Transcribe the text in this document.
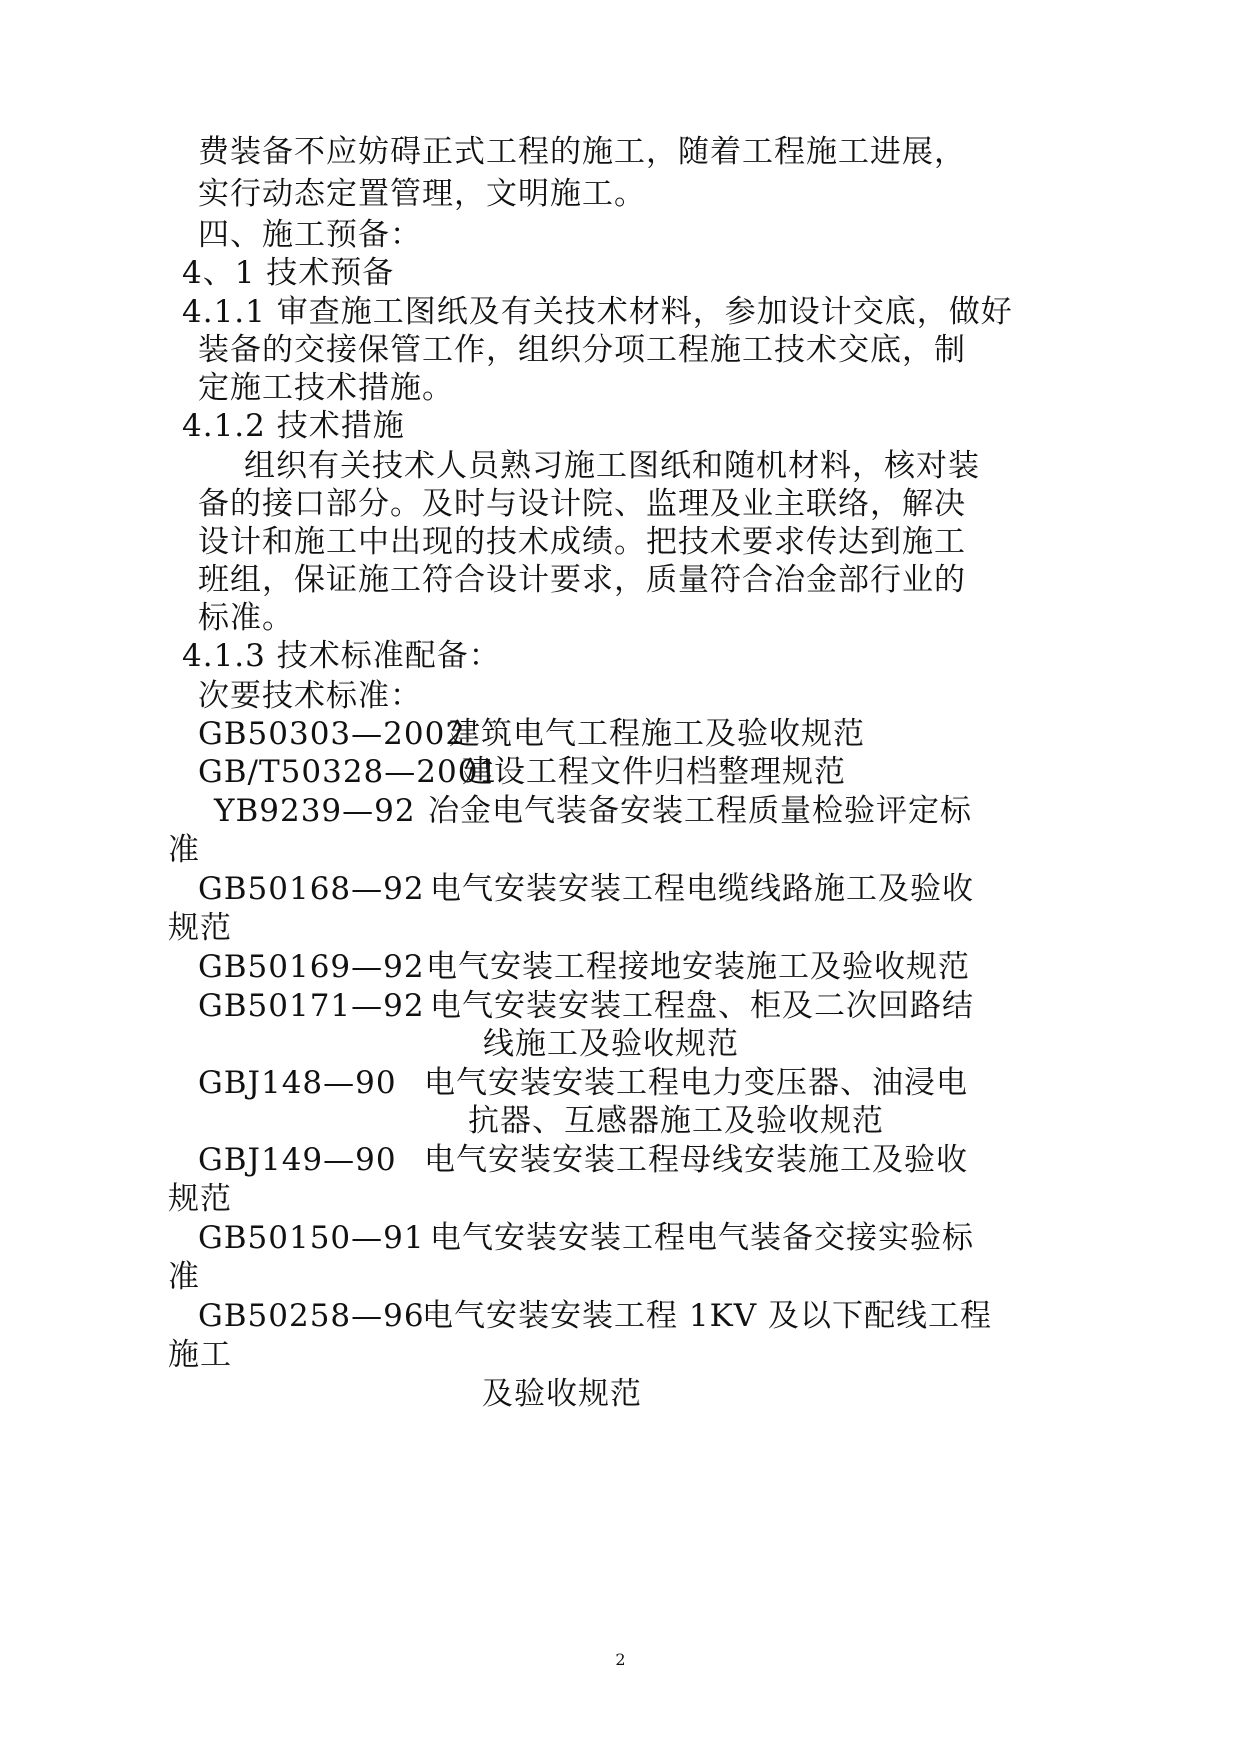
费装备不应妨碍正式工程的施工，随着工程施工进展，
实行动态定置管理，文明施工。
四、施工预备：
4、1 技术预备
4.1.1 审查施工图纸及有关技术材料，参加设计交底，做好
装备的交接保管工作，组织分项工程施工技术交底，制
定施工技术措施。
4.1.2 技术措施
组织有关技术人员熟习施工图纸和随机材料，核对装
备的接口部分。及时与设计院、监理及业主联络，解决
设计和施工中出现的技术成绩。把技术要求传达到施工
班组，保证施工符合设计要求，质量符合冶金部行业的
标准。
4.1.3 技术标准配备：
次要技术标准：
GB50303—2002
建筑电气工程施工及验收规范
GB/T50328—2001
建设工程文件归档整理规范
YB9239—92 冶金电气装备安装工程质量检验评定标
准
GB50168—92 电气安装安装工程电缆线路施工及验收
规范
GB50169—92 电气安装工程接地安装施工及验收规范
GB50171—92 电气安装安装工程盘、柜及二次回路结
线施工及验收规范
GBJ148—90 电气安装安装工程电力变压器、油浸电
抗器、互感器施工及验收规范
GBJ149—90 电气安装安装工程母线安装施工及验收
规范
GB50150—91 电气安装安装工程电气装备交接实验标
准
GB50258—96
电气安装安装工程 1KV 及以下配线工程
施工
及验收规范
2
